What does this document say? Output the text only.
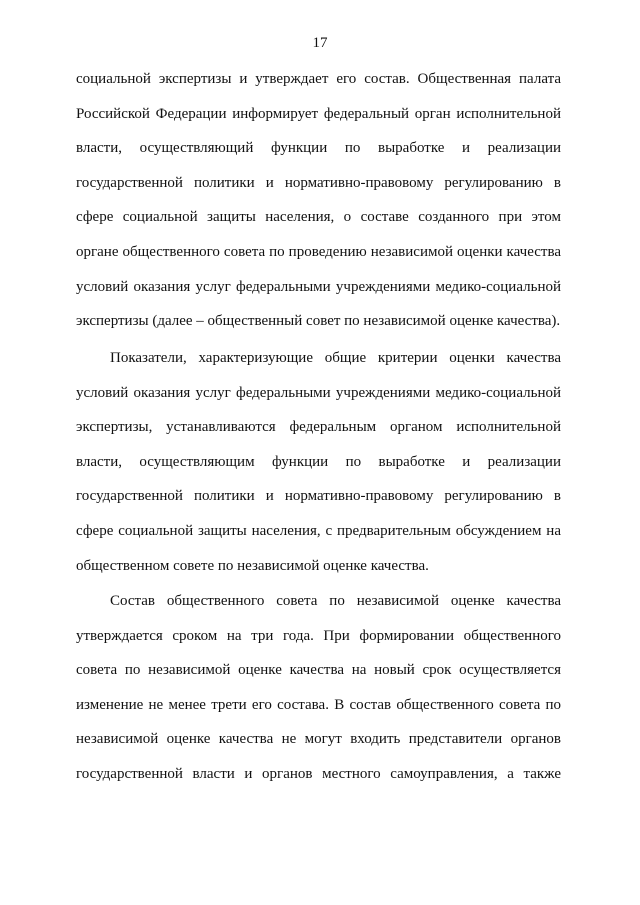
17
социальной экспертизы и утверждает его состав. Общественная палата
Российской Федерации информирует федеральный орган исполнительной
власти, осуществляющий функции по выработке и реализации
государственной политики и нормативно-правовому регулированию в
сфере социальной защиты населения, о составе созданного при этом
органе общественного совета по проведению независимой оценки качества
условий оказания услуг федеральными учреждениями медико-социальной
экспертизы (далее – общественный совет по независимой оценке качества).
Показатели, характеризующие общие критерии оценки качества
условий оказания услуг федеральными учреждениями медико-социальной
экспертизы, устанавливаются федеральным органом исполнительной
власти, осуществляющим функции по выработке и реализации
государственной политики и нормативно-правовому регулированию в
сфере социальной защиты населения, с предварительным обсуждением на
общественном совете по независимой оценке качества.
Состав общественного совета по независимой оценке качества
утверждается сроком на три года. При формировании общественного
совета по независимой оценке качества на новый срок осуществляется
изменение не менее трети его состава. В состав общественного совета по
независимой оценке качества не могут входить представители органов
государственной власти и органов местного самоуправления, а также
